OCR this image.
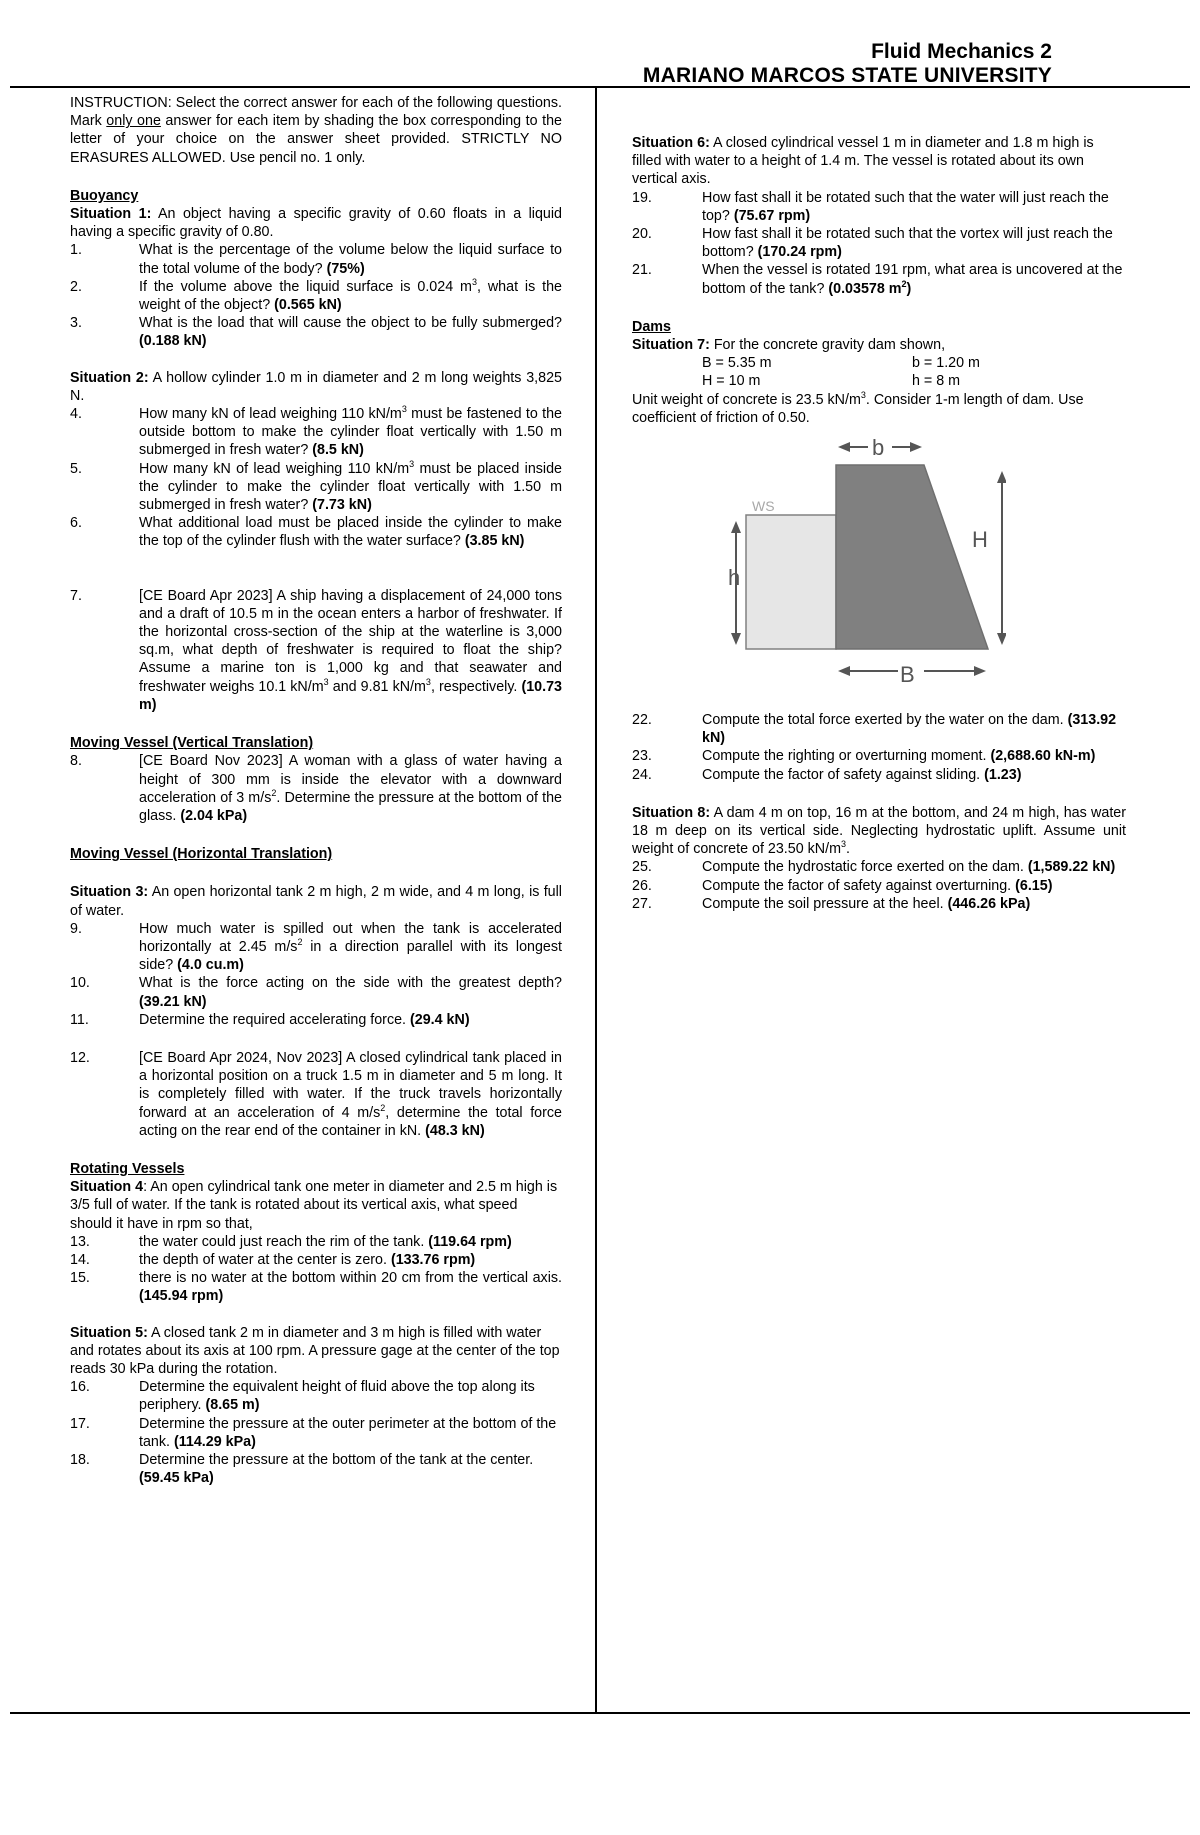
Fluid Mechanics 2
MARIANO MARCOS STATE UNIVERSITY

INSTRUCTION: Select the correct answer for each of the following questions. Mark only one answer for each item by shading the box corresponding to the letter of your choice on the answer sheet provided. STRICTLY NO ERASURES ALLOWED. Use pencil no. 1 only.

Buoyancy

Situation 1: An object having a specific gravity of 0.60 floats in a liquid having a specific gravity of 0.80.

1.	What is the percentage of the volume below the liquid surface to the total volume of the body? (75%)
2.	If the volume above the liquid surface is 0.024 $m^3$, what is the weight of the object? (0.565 kN)
3.	What is the load that will cause the object to be fully submerged? (0.188 kN)

Situation 2: A hollow cylinder 1.0 m in diameter and 2 m long weights 3,825 N.

4.	How many kN of lead weighing 110 $kN/m^3$ must be fastened to the outside bottom to make the cylinder float vertically with 1.50 m submerged in fresh water? (8.5 kN)
5.	How many kN of lead weighing 110 $kN/m^3$ must be placed inside the cylinder to make the cylinder float vertically with 1.50 m submerged in fresh water? (7.73 kN)
6.	What additional load must be placed inside the cylinder to make the top of the cylinder flush with the water surface? (3.85 kN)
7.	[CE Board Apr 2023] A ship having a displacement of 24,000 tons and a draft of 10.5 m in the ocean enters a harbor of freshwater. If the horizontal cross-section of the ship at the waterline is 3,000 sq.m, what depth of freshwater is required to float the ship? Assume a marine ton is 1,000 kg and that seawater and freshwater weighs 10.1 $kN/m^3$ and 9.81 $kN/m^3$, respectively. (10.73 m)

Moving Vessel (Vertical Translation)

8.	[CE Board Nov 2023] A woman with a glass of water having a height of 300 mm is inside the elevator with a downward acceleration of 3 $m/s^2$. Determine the pressure at the bottom of the glass. (2.04 kPa)

Moving Vessel (Horizontal Translation)

Situation 3: An open horizontal tank 2 m high, 2 m wide, and 4 m long, is full of water.

9.	How much water is spilled out when the tank is accelerated horizontally at 2.45 $m/s^2$ in a direction parallel with its longest side? (4.0 cu.m)
10.	What is the force acting on the side with the greatest depth? (39.21 kN)
11.	Determine the required accelerating force. (29.4 kN)
12.	[CE Board Apr 2024, Nov 2023] A closed cylindrical tank placed in a horizontal position on a truck 1.5 m in diameter and 5 m long. It is completely filled with water. If the truck travels horizontally forward at an acceleration of 4 $m/s^2$, determine the total force acting on the rear end of the container in kN. (48.3 kN)

Rotating Vessels

Situation 4: An open cylindrical tank one meter in diameter and 2.5 m high is 3/5 full of water. If the tank is rotated about its vertical axis, what speed should it have in rpm so that,

13.	the water could just reach the rim of the tank. (119.64 rpm)
14.	the depth of water at the center is zero. (133.76 rpm)
15.	there is no water at the bottom within 20 cm from the vertical axis. (145.94 rpm)

Situation 5: A closed tank 2 m in diameter and 3 m high is filled with water and rotates about its axis at 100 rpm. A pressure gage at the center of the top reads 30 kPa during the rotation.

16.	Determine the equivalent height of fluid above the top along its periphery. (8.65 m)
17.	Determine the pressure at the outer perimeter at the bottom of the tank. (114.29 kPa)
18.	Determine the pressure at the bottom of the tank at the center. (59.45 kPa)

Situation 6: A closed cylindrical vessel 1 m in diameter and 1.8 m high is filled with water to a height of 1.4 m. The vessel is rotated about its own vertical axis.

19.	How fast shall it be rotated such that the water will just reach the top? (75.67 rpm)
20.	How fast shall it be rotated such that the vortex will just reach the bottom? (170.24 rpm)
21.	When the vessel is rotated 191 rpm, what area is uncovered at the bottom of the tank? (0.03578 $m^2$)

Dams

Situation 7: For the concrete gravity dam shown,

B = 5.35 m	b = 1.20 m
H = 10 m	h = 8 m

Unit weight of concrete is 23.5 $kN/m^3$. Consider 1-m length of dam. Use coefficient of friction of 0.50.

WS
h
H
b
B
22.	Compute the total force exerted by the water on the dam. (313.92 kN)
23.	Compute the righting or overturning moment. (2,688.60 kN-m)
24.	Compute the factor of safety against sliding. (1.23)

Situation 8: A dam 4 m on top, 16 m at the bottom, and 24 m high, has water 18 m deep on its vertical side. Neglecting hydrostatic uplift. Assume unit weight of concrete of 23.50 $kN/m^3$.

25.	Compute the hydrostatic force exerted on the dam. (1,589.22 kN)
26.	Compute the factor of safety against overturning. (6.15)
27.	Compute the soil pressure at the heel. (446.26 kPa)
